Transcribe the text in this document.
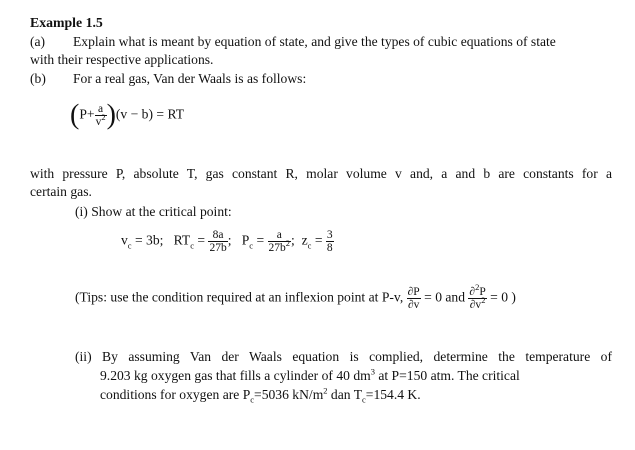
Example 1.5
(a) Explain what is meant by equation of state, and give the types of cubic equations of state
with their respective applications.
(b) For a real gas, Van der Waals is as follows:
$(P+ \frac{a}{v^2} )(v - b)$ = RT
with pressure P, absolute T, gas constant R, molar volume v and, a and b are constants for a
certain gas.
(i) Show at the critical point:
$v_c = 3b$; $RT_c = \frac{8a}{27b}$ ; $P_c = \frac{a}{27b^2}$ ; $z_c = \frac{3}{8}$
(Tips: use the condition required at an inflexion point at P-v, $\frac{\partial P}{\partial v} = 0$ and $\frac{\partial^2P}{\partial v^2} = 0$ )
(ii) By assuming Van der Waals equation is complied, determine the temperature of
9.203 kg oxygen gas that fills a cylinder of 40 $dm^3$ at P=150 atm. The critical
conditions for oxygen are $P_c=5036$ $kN/m^2$ dan $T_c=154.4$ K.
